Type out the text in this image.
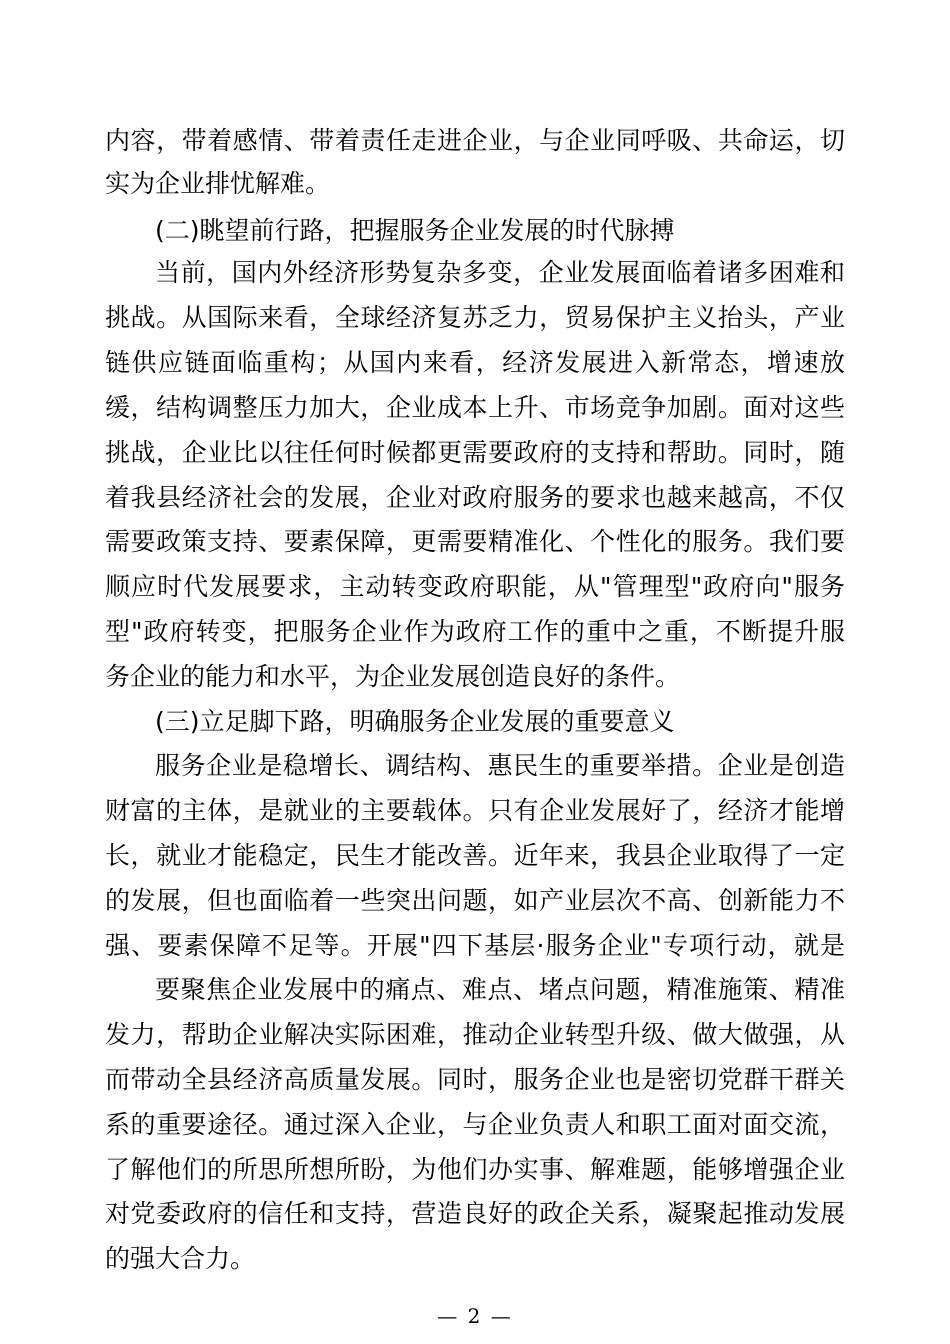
内容，带着感情、带着责任走进企业，与企业同呼吸、共命运，切
实为企业排忧解难。
(二)眺望前行路，把握服务企业发展的时代脉搏
当前，国内外经济形势复杂多变，企业发展面临着诸多困难和
挑战。从国际来看，全球经济复苏乏力，贸易保护主义抬头，产业
链供应链面临重构；从国内来看，经济发展进入新常态，增速放
缓，结构调整压力加大，企业成本上升、市场竞争加剧。面对这些
挑战，企业比以往任何时候都更需要政府的支持和帮助。同时，随
着我县经济社会的发展，企业对政府服务的要求也越来越高，不仅
需要政策支持、要素保障，更需要精准化、个性化的服务。我们要
顺应时代发展要求，主动转变政府职能，从"管理型"政府向"服务
型"政府转变，把服务企业作为政府工作的重中之重，不断提升服
务企业的能力和水平，为企业发展创造良好的条件。
(三)立足脚下路，明确服务企业发展的重要意义
服务企业是稳增长、调结构、惠民生的重要举措。企业是创造
财富的主体，是就业的主要载体。只有企业发展好了，经济才能增
长，就业才能稳定，民生才能改善。近年来，我县企业取得了一定
的发展，但也面临着一些突出问题，如产业层次不高、创新能力不
强、要素保障不足等。开展"四下基层·服务企业"专项行动，就是
要聚焦企业发展中的痛点、难点、堵点问题，精准施策、精准
发力，帮助企业解决实际困难，推动企业转型升级、做大做强，从
而带动全县经济高质量发展。同时，服务企业也是密切党群干群关
系的重要途径。通过深入企业，与企业负责人和职工面对面交流，
了解他们的所思所想所盼，为他们办实事、解难题，能够增强企业
对党委政府的信任和支持，营造良好的政企关系，凝聚起推动发展
的强大合力。
— 2 —
